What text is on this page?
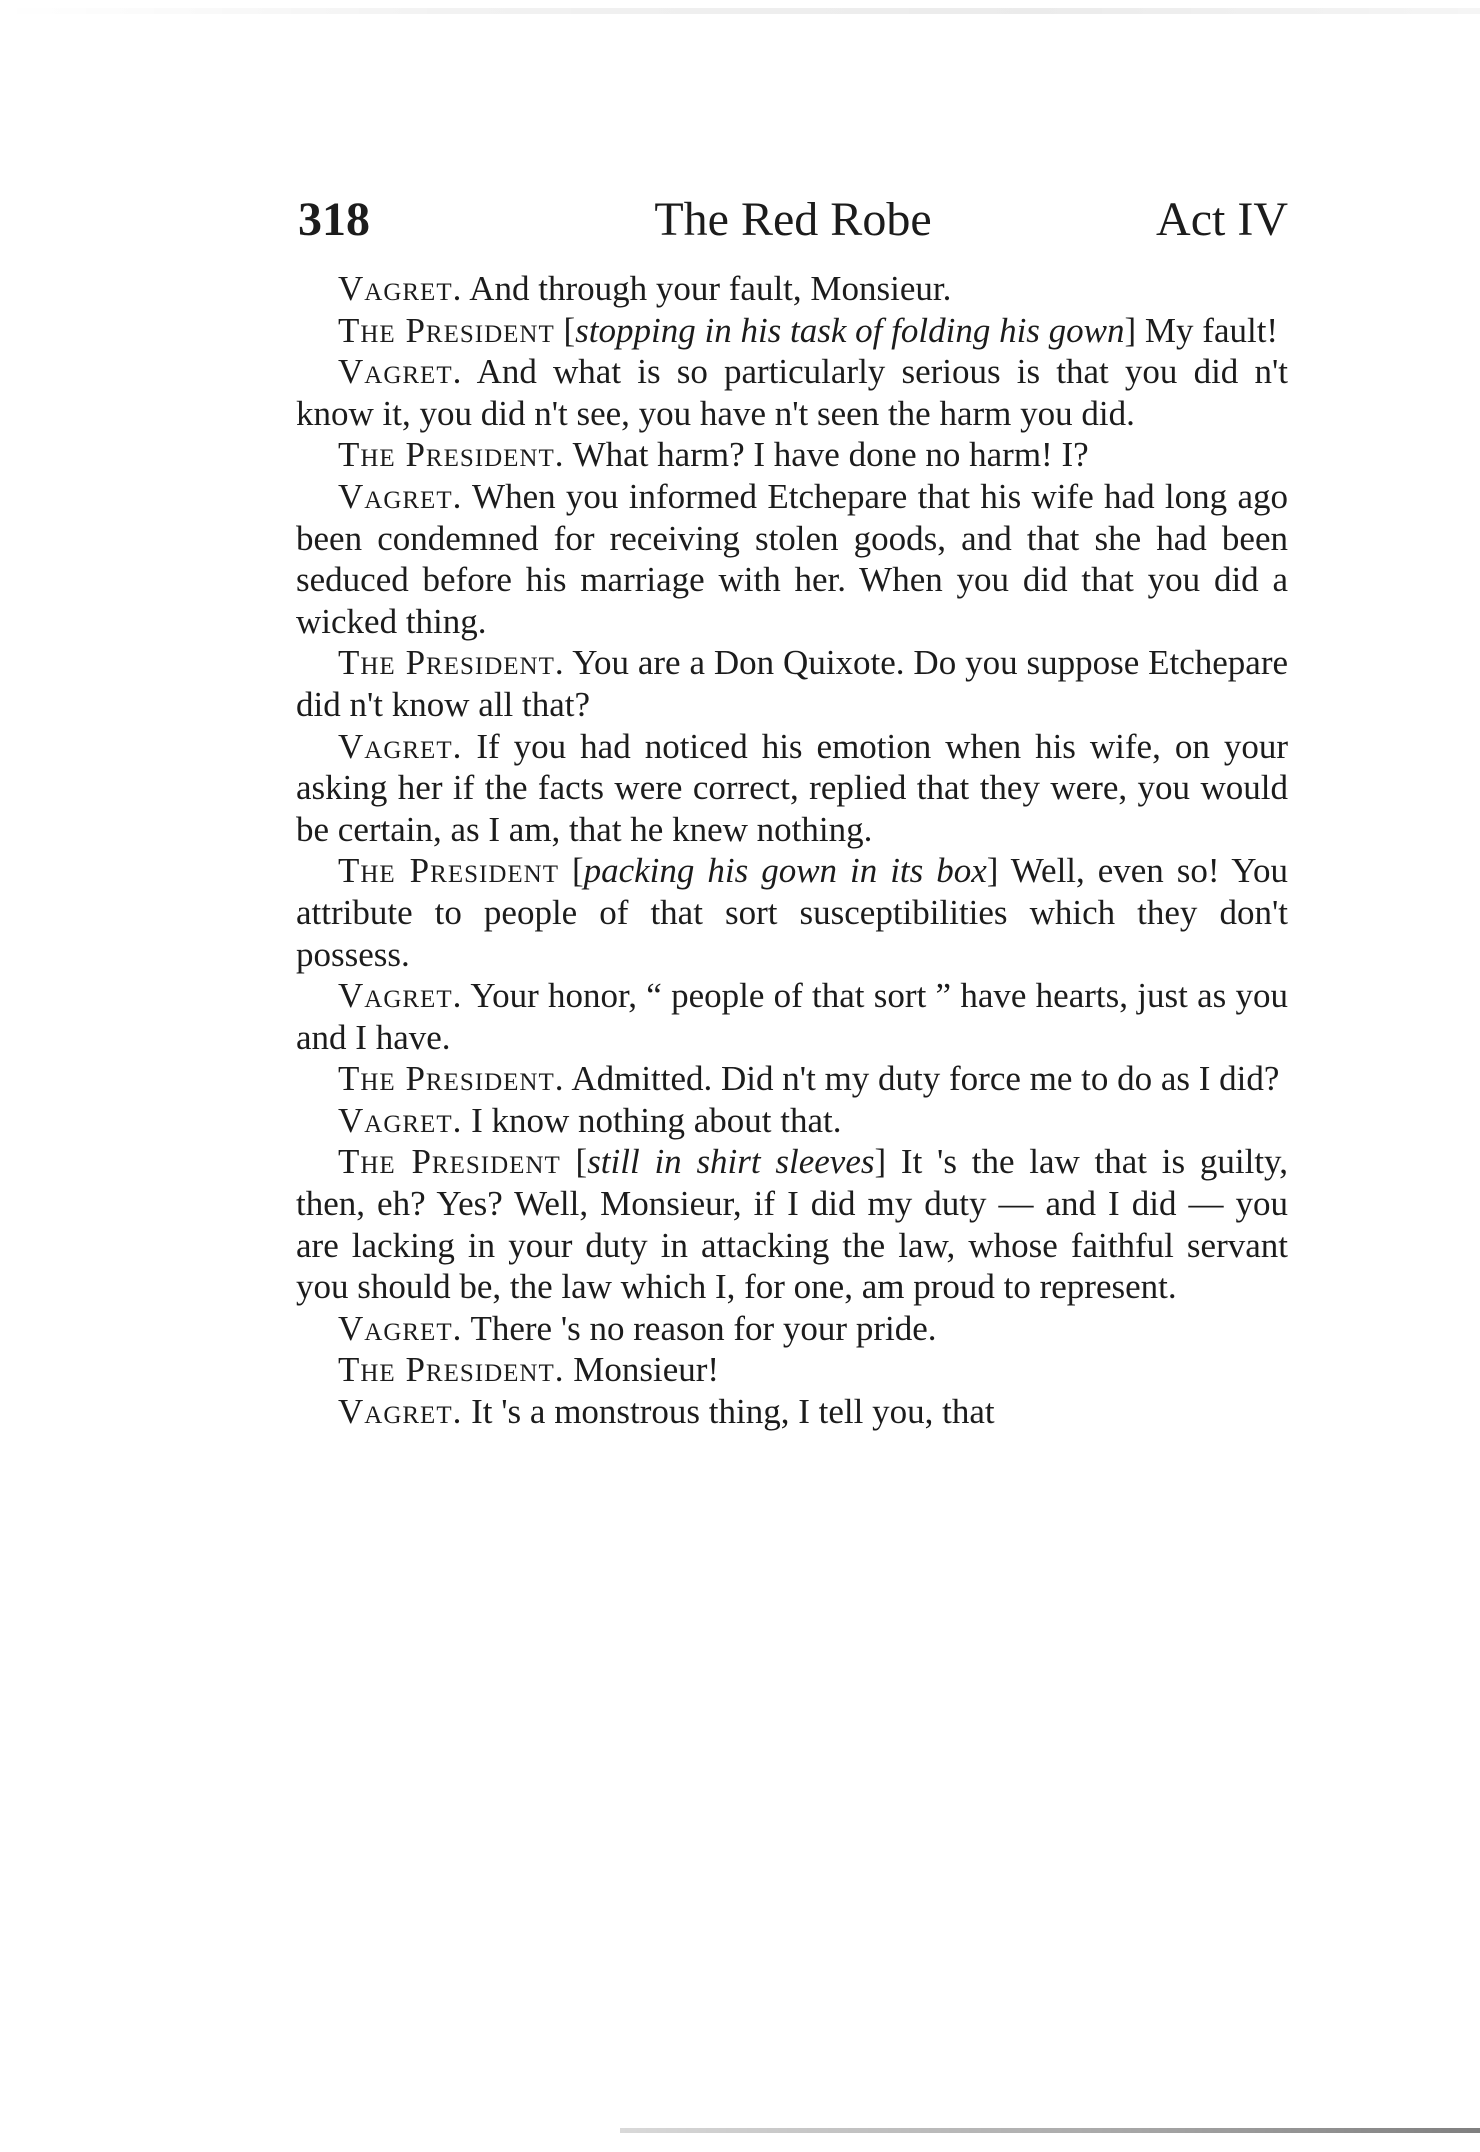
318	The Red Robe	Act IV

Vagret. And through your fault, Monsieur.

The President [stopping in his task of folding his gown] My fault!

Vagret. And what is so particularly serious is that you did n't know it, you did n't see, you have n't seen the harm you did.

The President. What harm? I have done no harm! I?

Vagret. When you informed Etchepare that his wife had long ago been condemned for receiving stolen goods, and that she had been seduced before his marriage with her. When you did that you did a wicked thing.

The President. You are a Don Quixote. Do you suppose Etchepare did n't know all that?

Vagret. If you had noticed his emotion when his wife, on your asking her if the facts were correct, replied that they were, you would be certain, as I am, that he knew nothing.

The President [packing his gown in its box] Well, even so! You attribute to people of that sort susceptibilities which they don't possess.

Vagret. Your honor, “ people of that sort ” have hearts, just as you and I have.

The President. Admitted. Did n't my duty force me to do as I did?

Vagret. I know nothing about that.

The President [still in shirt sleeves] It 's the law that is guilty, then, eh? Yes? Well, Monsieur, if I did my duty — and I did — you are lacking in your duty in attacking the law, whose faithful servant you should be, the law which I, for one, am proud to represent.

Vagret. There 's no reason for your pride.

The President. Monsieur!

Vagret. It 's a monstrous thing, I tell you, that
